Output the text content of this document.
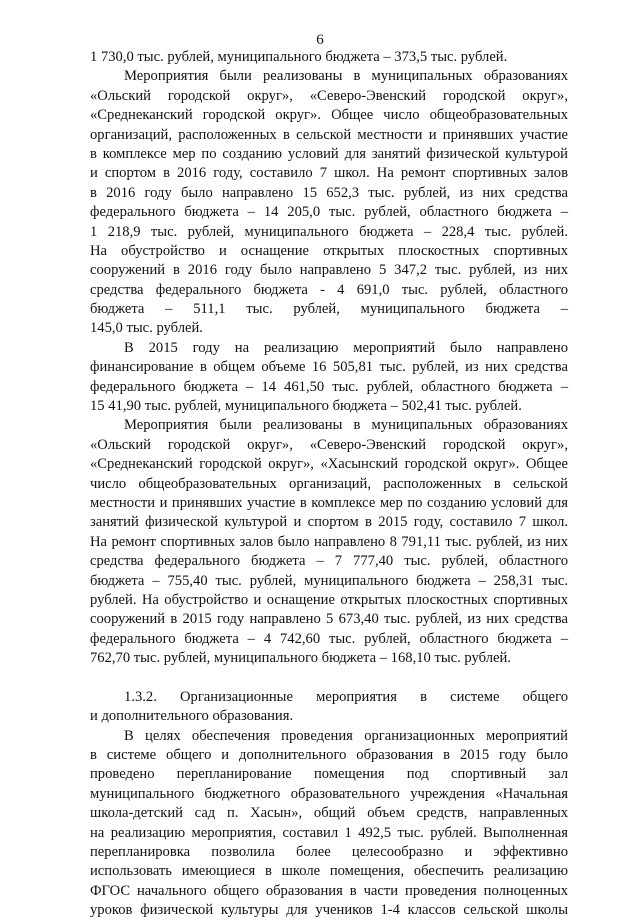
6
1 730,0 тыс. рублей, муниципального бюджета – 373,5 тыс. рублей.
Мероприятия были реализованы в муниципальных образованиях
«Ольский городской округ», «Северо-Эвенский городской округ»,
«Среднеканский городской округ». Общее число общеобразовательных
организаций, расположенных в сельской местности и принявших участие
в комплексе мер по созданию условий для занятий физической культурой
и спортом в 2016 году, составило 7 школ. На ремонт спортивных залов
в 2016 году было направлено 15 652,3 тыс. рублей, из них средства
федерального бюджета – 14 205,0 тыс. рублей, областного бюджета –
1 218,9 тыс. рублей, муниципального бюджета – 228,4 тыс. рублей.
На обустройство и оснащение открытых плоскостных спортивных
сооружений в 2016 году было направлено 5 347,2 тыс. рублей, из них
средства федерального бюджета - 4 691,0 тыс. рублей, областного
бюджета – 511,1 тыс. рублей, муниципального бюджета –
145,0 тыс. рублей.
В 2015 году на реализацию мероприятий было направлено
финансирование в общем объеме 16 505,81 тыс. рублей, из них средства
федерального бюджета – 14 461,50 тыс. рублей, областного бюджета –
15 41,90 тыс. рублей, муниципального бюджета – 502,41 тыс. рублей.
Мероприятия были реализованы в муниципальных образованиях
«Ольский городской округ», «Северо-Эвенский городской округ»,
«Среднеканский городской округ», «Хасынский городской округ». Общее
число общеобразовательных организаций, расположенных в сельской
местности и принявших участие в комплексе мер по созданию условий для
занятий физической культурой и спортом в 2015 году, составило 7 школ.
На ремонт спортивных залов было направлено 8 791,11 тыс. рублей, из них
средства федерального бюджета – 7 777,40 тыс. рублей, областного
бюджета – 755,40 тыс. рублей, муниципального бюджета – 258,31 тыс.
рублей. На обустройство и оснащение открытых плоскостных спортивных
сооружений в 2015 году направлено 5 673,40 тыс. рублей, из них средства
федерального бюджета – 4 742,60 тыс. рублей, областного бюджета –
762,70 тыс. рублей, муниципального бюджета – 168,10 тыс. рублей.
1.3.2. Организационные мероприятия в системе общего
и дополнительного образования.
В целях обеспечения проведения организационных мероприятий
в системе общего и дополнительного образования в 2015 году было
проведено перепланирование помещения под спортивный зал
муниципального бюджетного образовательного учреждения «Начальная
школа-детский сад п. Хасын», общий объем средств, направленных
на реализацию мероприятия, составил 1 492,5 тыс. рублей. Выполненная
перепланировка позволила более целесообразно и эффективно
использовать имеющиеся в школе помещения, обеспечить реализацию
ФГОС начального общего образования в части проведения полноценных
уроков физической культуры для учеников 1-4 классов сельской школы
